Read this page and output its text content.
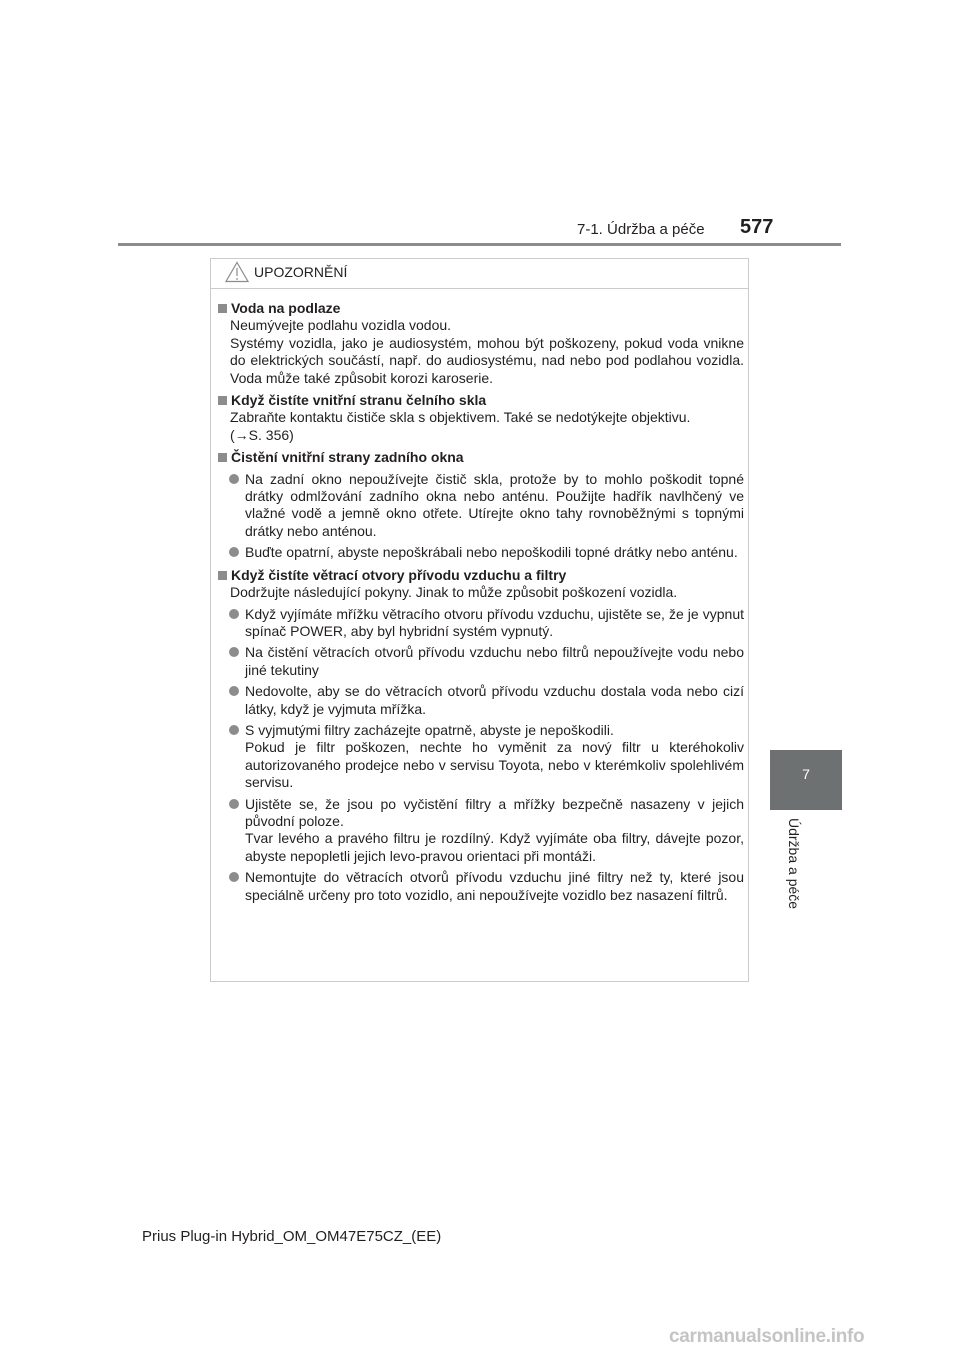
7-1. Údržba a péče 577
7
Údržba a péče
UPOZORNĚNÍ
Voda na podlaze
Neumývejte podlahu vozidla vodou.
Systémy vozidla, jako je audiosystém, mohou být poškozeny, pokud voda vnikne do elektrických součástí, např. do audiosystému, nad nebo pod podlahou vozidla. Voda může také způsobit korozi karoserie.
Když čistíte vnitřní stranu čelního skla
Zabraňte kontaktu čističe skla s objektivem. Také se nedotýkejte objektivu.
(→S. 356)
Čistění vnitřní strany zadního okna
Na zadní okno nepoužívejte čistič skla, protože by to mohlo poškodit topné drátky odmlžování zadního okna nebo anténu. Použijte hadřík navlhčený ve vlažné vodě a jemně okno otřete. Utírejte okno tahy rovnoběžnými s topnými drátky nebo anténou.
Buďte opatrní, abyste nepoškrábali nebo nepoškodili topné drátky nebo anténu.
Když čistíte větrací otvory přívodu vzduchu a filtry
Dodržujte následující pokyny. Jinak to může způsobit poškození vozidla.
Když vyjímáte mřížku větracího otvoru přívodu vzduchu, ujistěte se, že je vypnut spínač POWER, aby byl hybridní systém vypnutý.
Na čistění větracích otvorů přívodu vzduchu nebo filtrů nepoužívejte vodu nebo jiné tekutiny
Nedovolte, aby se do větracích otvorů přívodu vzduchu dostala voda nebo cizí látky, když je vyjmuta mřížka.
S vyjmutými filtry zacházejte opatrně, abyste je nepoškodili.
Pokud je filtr poškozen, nechte ho vyměnit za nový filtr u kteréhokoliv autorizovaného prodejce nebo v servisu Toyota, nebo v kterémkoliv spolehlivém servisu.
Ujistěte se, že jsou po vyčistění filtry a mřížky bezpečně nasazeny v jejich původní poloze.
Tvar levého a pravého filtru je rozdílný. Když vyjímáte oba filtry, dávejte pozor, abyste nepopletli jejich levo-pravou orientaci při montáži.
Nemontujte do větracích otvorů přívodu vzduchu jiné filtry než ty, které jsou speciálně určeny pro toto vozidlo, ani nepoužívejte vozidlo bez nasazení filtrů.
Prius Plug-in Hybrid_OM_OM47E75CZ_(EE)
carmanualsonline.info
